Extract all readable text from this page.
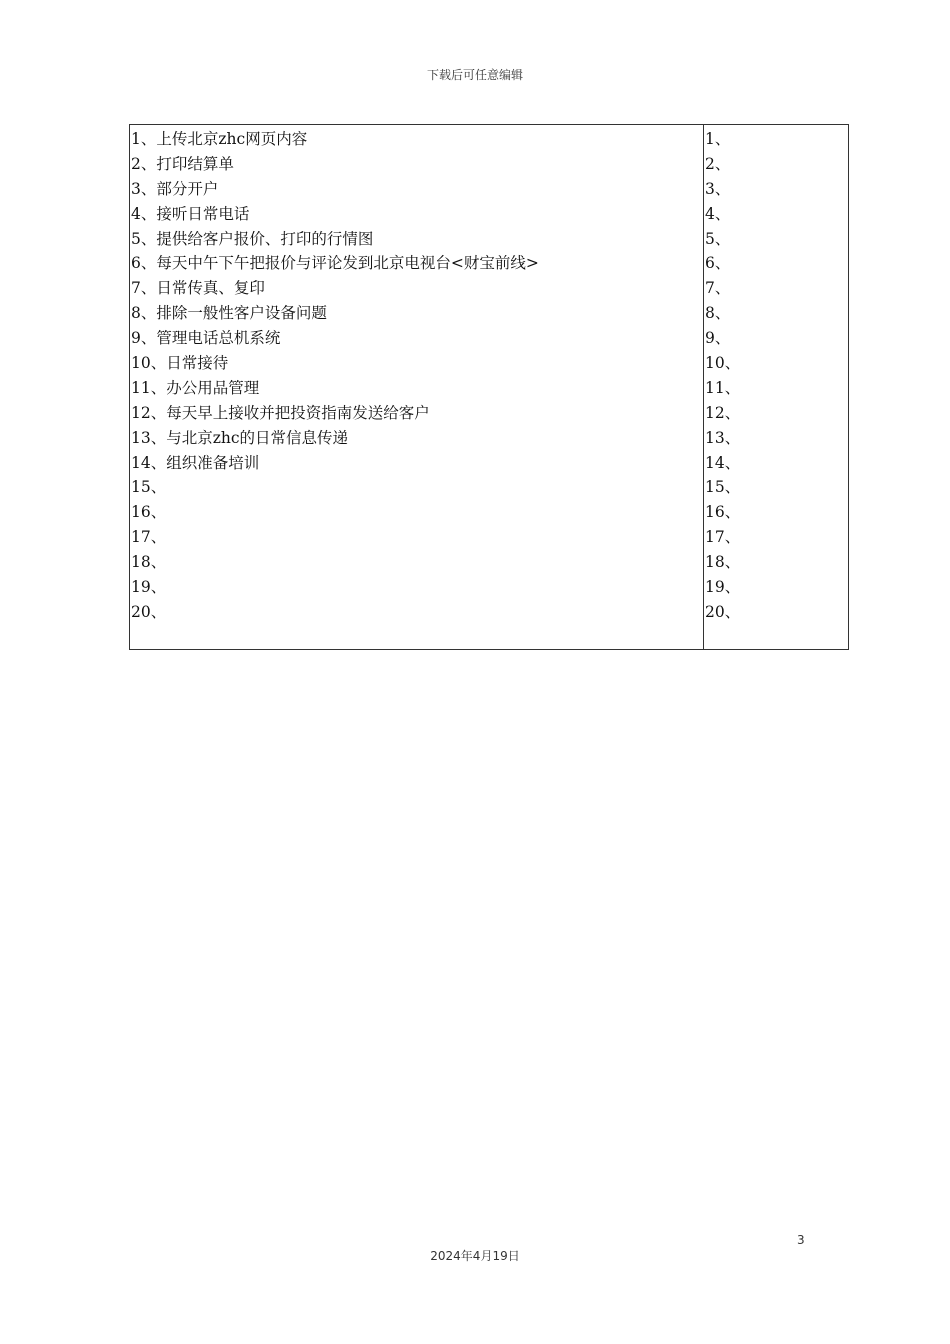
下载后可任意编辑
1、上传北京zhc网页内容
2、打印结算单
3、部分开户
4、接听日常电话
5、提供给客户报价、打印的行情图
6、每天中午下午把报价与评论发到北京电视台<财宝前线>
7、日常传真、复印
8、排除一般性客户设备问题
9、管理电话总机系统
10、日常接待
11、办公用品管理
12、每天早上接收并把投资指南发送给客户
13、与北京zhc的日常信息传递
14、组织准备培训
15、
16、
17、
18、
19、
20、
1、
2、
3、
4、
5、
6、
7、
8、
9、
10、
11、
12、
13、
14、
15、
16、
17、
18、
19、
20、
3
2024年4月19日
